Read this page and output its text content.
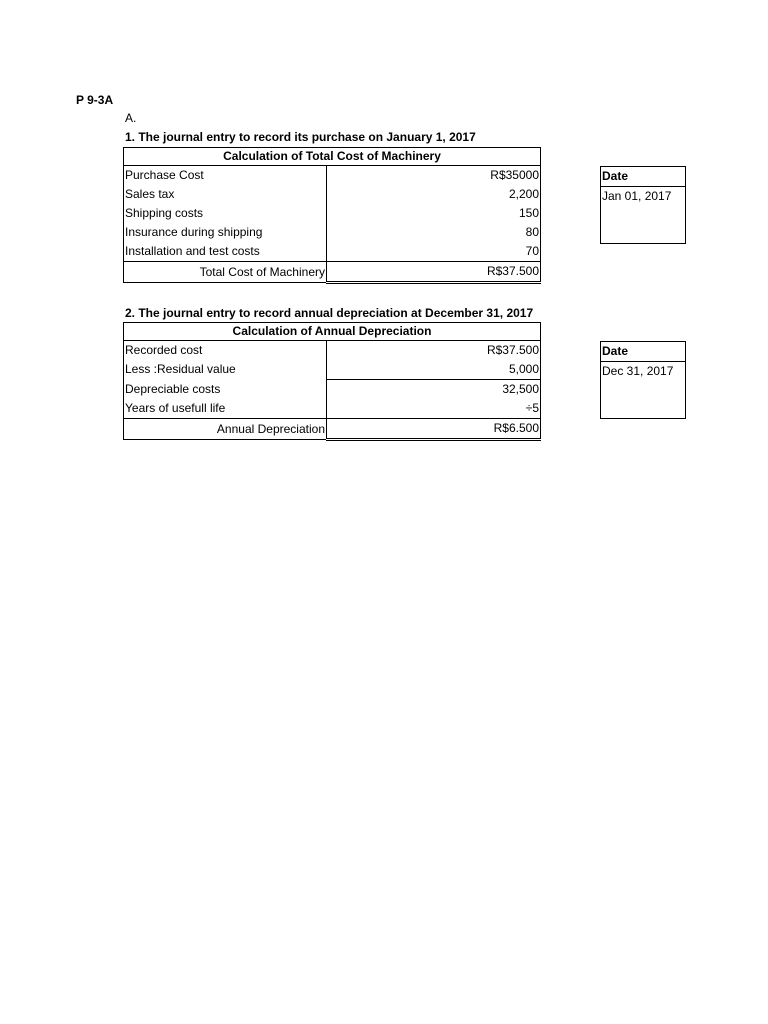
P 9-3A
A.
1. The journal entry to record its purchase on January 1, 2017
Calculation of Total Cost of Machinery	
Purchase Cost	R$35000
Sales tax	2,200
Shipping costs	150
Insurance during shipping	80
Installation and test costs	70
Total Cost of Machinery	R$37.500
Date
Jan 01, 2017
2. The journal entry to record annual depreciation at December 31, 2017
Calculation of Annual Depreciation	
Recorded cost	R$37.500
Less :Residual value	5,000
Depreciable costs	32,500
Years of usefull life	÷5
Annual Depreciation	R$6.500
Date
Dec 31, 2017
